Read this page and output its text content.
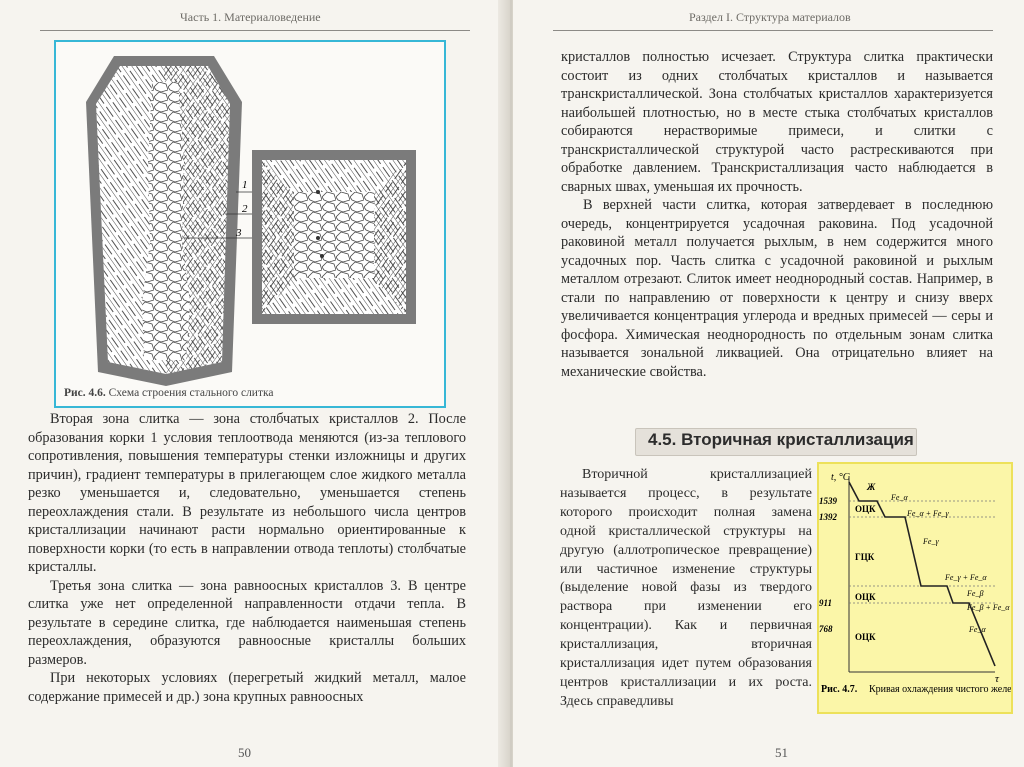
Часть 1. Материаловедение
1
2
3
Рис. 4.6. Схема строения стального слитка

Вторая зона слитка — зона столбчатых кристаллов 2. После образования корки 1 условия теплоотвода меняются (из-за теплового сопротивления, повышения температуры стенки изложницы и других причин), градиент температуры в прилегающем слое жидкого металла резко уменьшается и, следовательно, уменьшается степень переохлаждения стали. В результате из небольшого числа центров кристаллизации начинают расти нормально ориентированные к поверхности корки (то есть в направлении отвода теплоты) столбчатые кристаллы.

Третья зона слитка — зона равноосных кристаллов 3. В центре слитка уже нет определенной направленности отдачи тепла. В результате в середине слитка, где наблюдается наименьшая степень переохлаждения, образуются равноосные кристаллы больших размеров.

При некоторых условиях (перегретый жидкий металл, малое содержание примесей и др.) зона крупных равноосных

50
Раздел I. Структура материалов

кристаллов полностью исчезает. Структура слитка практически состоит из одних столбчатых кристаллов и называется транскристаллической. Зона столбчатых кристаллов характеризуется наибольшей плотностью, но в месте стыка столбчатых кристаллов собираются нерастворимые примеси, и слитки с транскристаллической структурой часто растрескиваются при обработке давлением. Транскристаллизация часто наблюдается в сварных швах, уменьшая их прочность.

В верхней части слитка, которая затвердевает в последнюю очередь, концентрируется усадочная раковина. Под усадочной раковиной металл получается рыхлым, в нем содержится много усадочных пор. Часть слитка с усадочной раковиной и рыхлым металлом отрезают. Слиток имеет неоднородный состав. Например, в стали по направлению от поверхности к центру и снизу вверх увеличивается концентрация углерода и вредных примесей — серы и фосфора. Химическая неоднородность по отдельным зонам слитка называется зональной ликвацией. Она отрицательно влияет на механические свойства.

51
4.5. Вторичная кристаллизация

Вторичной кристаллизацией называется процесс, в результате которого происходит полная замена одной кристаллической структуры на другую (аллотропическое превращение) или частичное изменение структуры (выделение новой фазы из твердого раствора при изменении его концентрации). Как и первичная кристаллизация, вторичная кристаллизация идет путем образования центров кристаллизации и их роста. Здесь справедливы

t, °C
τ
1539
1392
911
768
Ж
ОЦК
ГЦК
ОЦК
ОЦК
Fe_α
Fe_α + Fe_γ
Fe_γ
Fe_γ + Fe_α
Fe_β
Fe_β + Fe_α
Fe_α
Рис. 4.7. Кривая охлаждения чистого железа
